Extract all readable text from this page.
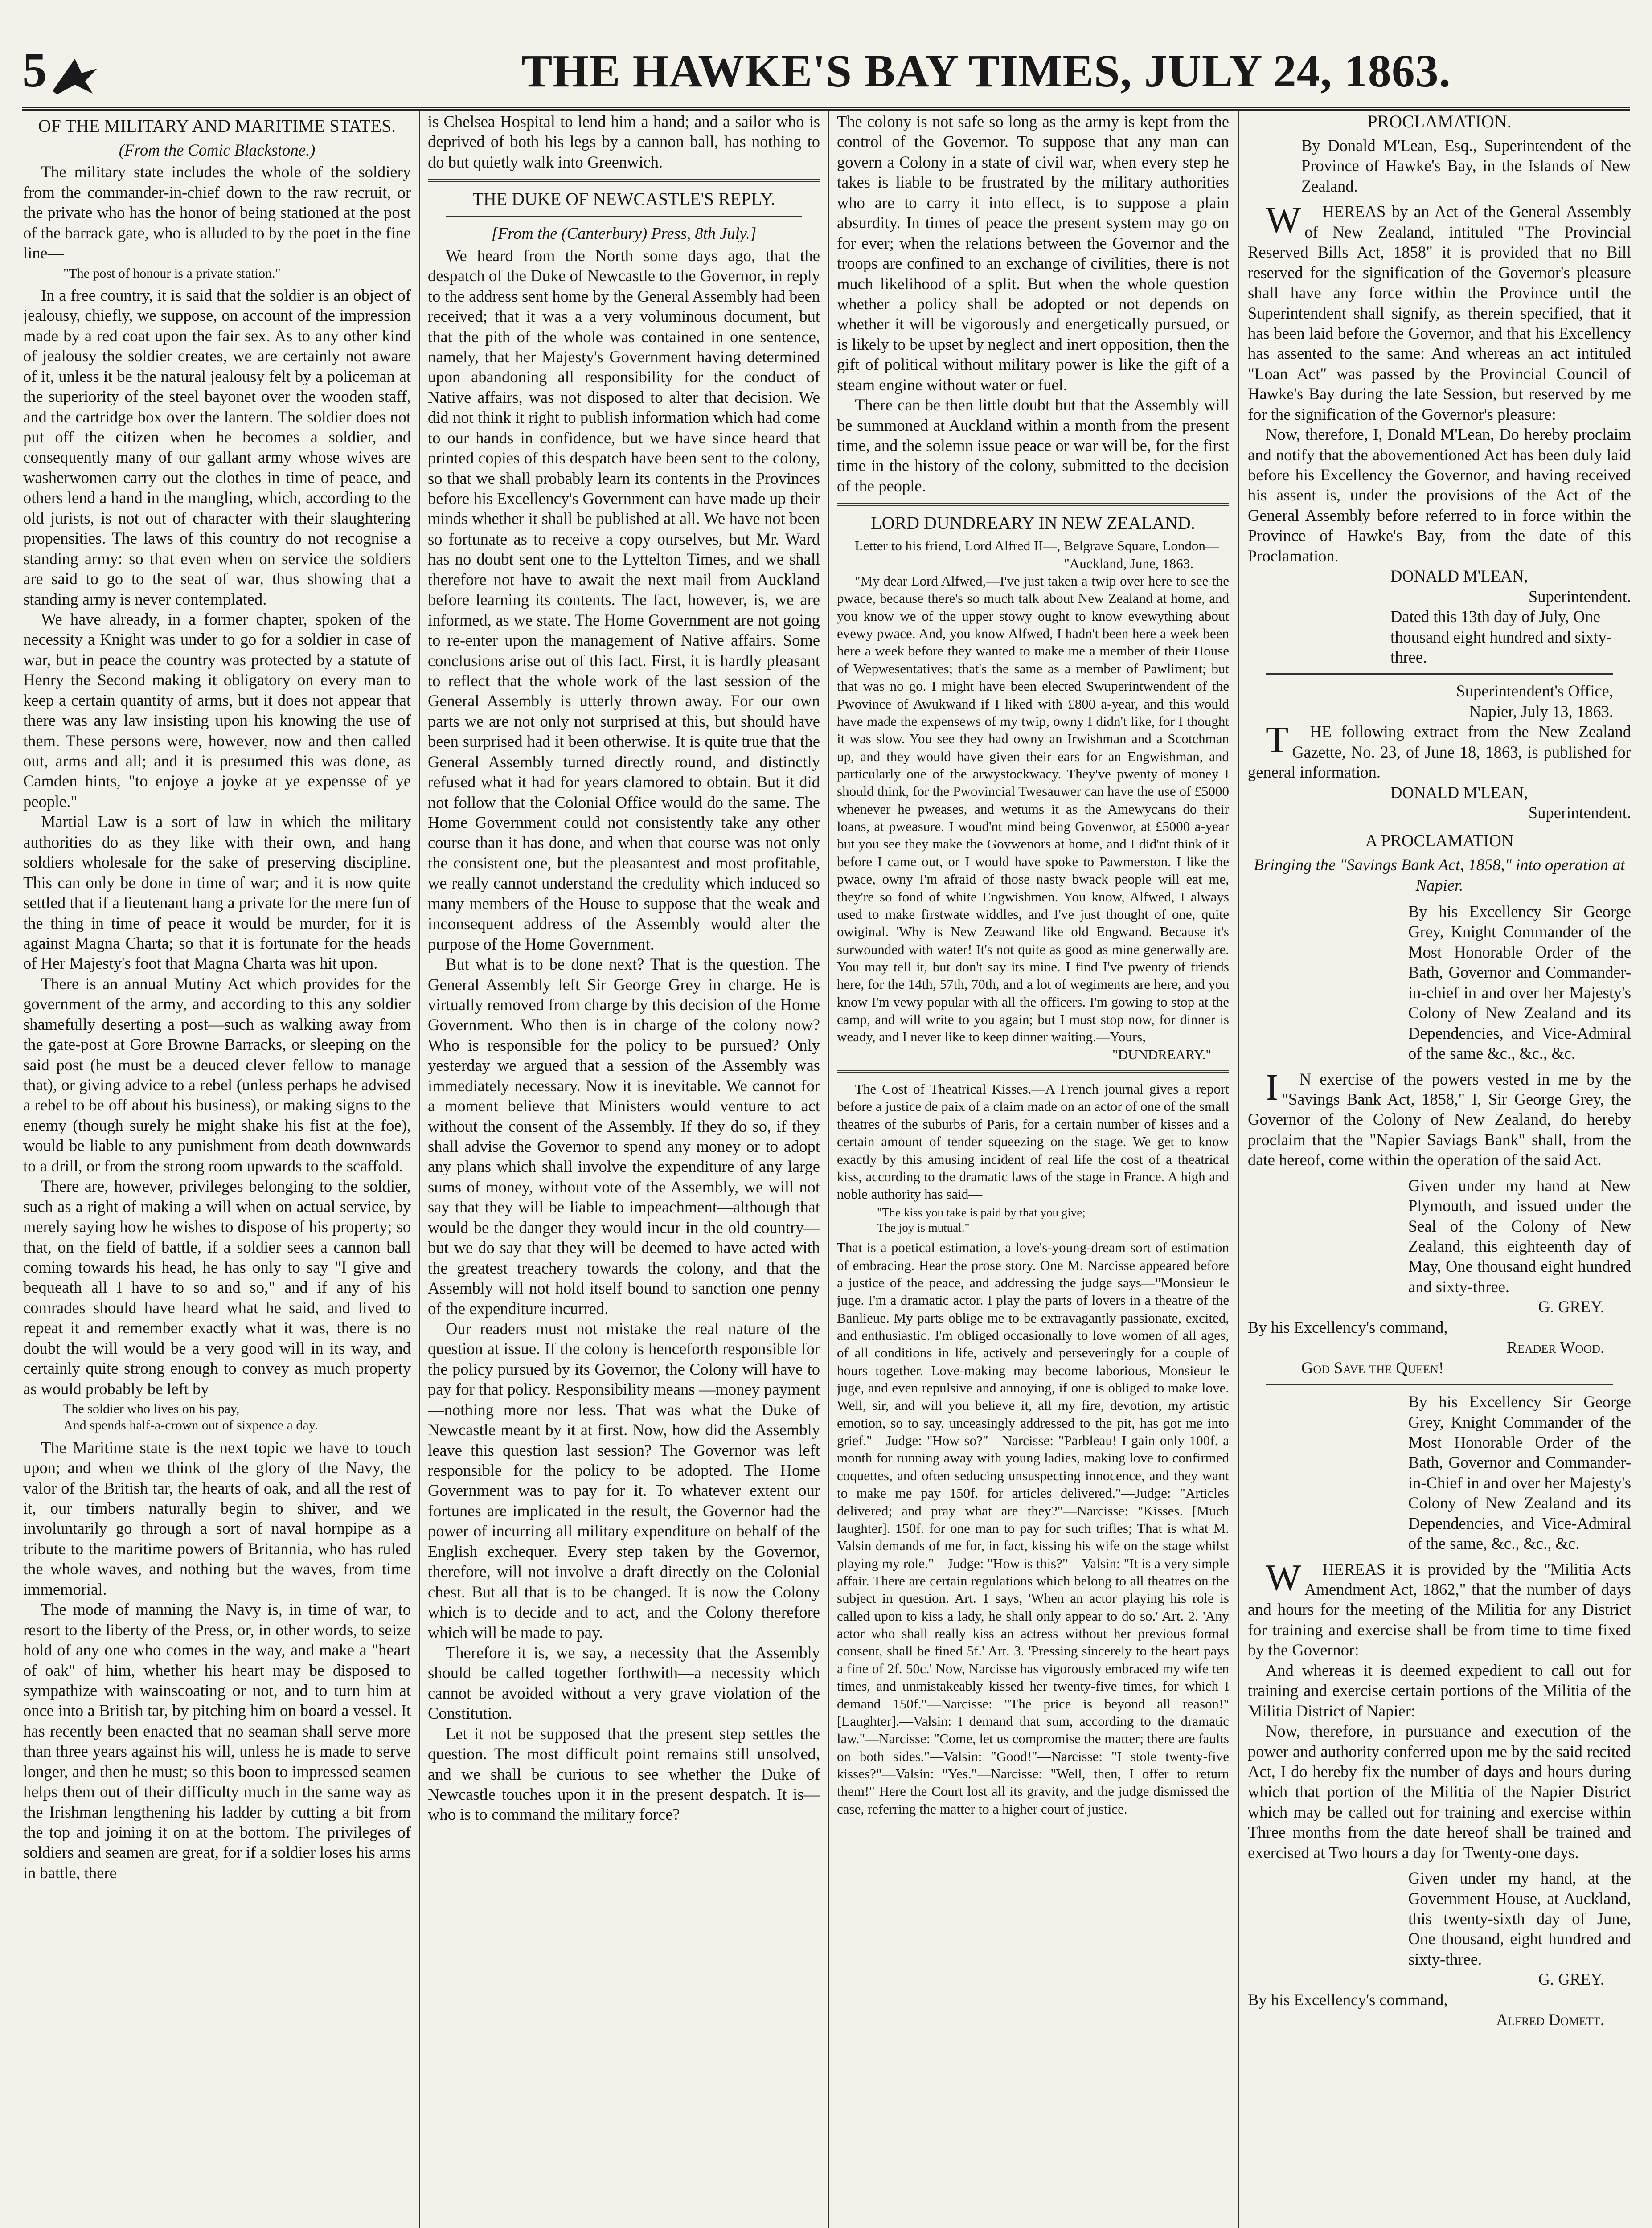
5	THE HAWKE'S BAY TIMES, JULY 24, 1863.
OF THE MILITARY AND MARITIME STATES.
(From the Comic Blackstone.)

The military state includes the whole of the soldiery from the commander-in-chief down to the raw recruit, or the private who has the honor of being stationed at the post of the barrack gate, who is alluded to by the poet in the fine line—

"The post of honour is a private station."

In a free country, it is said that the soldier is an object of jealousy, chiefly, we suppose, on account of the impression made by a red coat upon the fair sex. As to any other kind of jealousy the soldier creates, we are certainly not aware of it, unless it be the natural jealousy felt by a policeman at the superiority of the steel bayonet over the wooden staff, and the cartridge box over the lantern. The soldier does not put off the citizen when he becomes a soldier, and consequently many of our gallant army whose wives are washerwomen carry out the clothes in time of peace, and others lend a hand in the mangling, which, according to the old jurists, is not out of character with their slaughtering propensities. The laws of this country do not recognise a standing army: so that even when on service the soldiers are said to go to the seat of war, thus showing that a standing army is never contemplated.

We have already, in a former chapter, spoken of the necessity a Knight was under to go for a soldier in case of war, but in peace the country was protected by a statute of Henry the Second making it obligatory on every man to keep a certain quantity of arms, but it does not appear that there was any law insisting upon his knowing the use of them. These persons were, however, now and then called out, arms and all; and it is presumed this was done, as Camden hints, "to enjoye a joyke at ye expensse of ye people."

Martial Law is a sort of law in which the military authorities do as they like with their own, and hang soldiers wholesale for the sake of preserving discipline. This can only be done in time of war; and it is now quite settled that if a lieutenant hang a private for the mere fun of the thing in time of peace it would be murder, for it is against Magna Charta; so that it is fortunate for the heads of Her Majesty's foot that Magna Charta was hit upon.

There is an annual Mutiny Act which provides for the government of the army, and according to this any soldier shamefully deserting a post—such as walking away from the gate-post at Gore Browne Barracks, or sleeping on the said post (he must be a deuced clever fellow to manage that), or giving advice to a rebel (unless perhaps he advised a rebel to be off about his business), or making signs to the enemy (though surely he might shake his fist at the foe), would be liable to any punishment from death downwards to a drill, or from the strong room upwards to the scaffold.

There are, however, privileges belonging to the soldier, such as a right of making a will when on actual service, by merely saying how he wishes to dispose of his property; so that, on the field of battle, if a soldier sees a cannon ball coming towards his head, he has only to say "I give and bequeath all I have to so and so," and if any of his comrades should have heard what he said, and lived to repeat it and remember exactly what it was, there is no doubt the will would be a very good will in its way, and certainly quite strong enough to convey as much property as would probably be left by

The soldier who lives on his pay,

And spends half-a-crown out of sixpence a day.

The Maritime state is the next topic we have to touch upon; and when we think of the glory of the Navy, the valor of the British tar, the hearts of oak, and all the rest of it, our timbers naturally begin to shiver, and we involuntarily go through a sort of naval hornpipe as a tribute to the maritime powers of Britannia, who has ruled the whole waves, and nothing but the waves, from time immemorial.

The mode of manning the Navy is, in time of war, to resort to the liberty of the Press, or, in other words, to seize hold of any one who comes in the way, and make a "heart of oak" of him, whether his heart may be disposed to sympathize with wainscoating or not, and to turn him at once into a British tar, by pitching him on board a vessel. It has recently been enacted that no seaman shall serve more than three years against his will, unless he is made to serve longer, and then he must; so this boon to impressed seamen helps them out of their difficulty much in the same way as the Irishman lengthening his ladder by cutting a bit from the top and joining it on at the bottom. The privileges of soldiers and seamen are great, for if a soldier loses his arms in battle, there

is Chelsea Hospital to lend him a hand; and a sailor who is deprived of both his legs by a cannon ball, has nothing to do but quietly walk into Greenwich.

THE DUKE OF NEWCASTLE'S REPLY.
[From the (Canterbury) Press, 8th July.]

We heard from the North some days ago, that the despatch of the Duke of Newcastle to the Governor, in reply to the address sent home by the General Assembly had been received; that it was a a very voluminous document, but that the pith of the whole was contained in one sentence, namely, that her Majesty's Government having determined upon abandoning all responsibility for the conduct of Native affairs, was not disposed to alter that decision. We did not think it right to publish information which had come to our hands in confidence, but we have since heard that printed copies of this despatch have been sent to the colony, so that we shall probably learn its contents in the Provinces before his Excellency's Government can have made up their minds whether it shall be published at all. We have not been so fortunate as to receive a copy ourselves, but Mr. Ward has no doubt sent one to the Lyttelton Times, and we shall therefore not have to await the next mail from Auckland before learning its contents. The fact, however, is, we are informed, as we state. The Home Government are not going to re-enter upon the management of Native affairs. Some conclusions arise out of this fact. First, it is hardly pleasant to reflect that the whole work of the last session of the General Assembly is utterly thrown away. For our own parts we are not only not surprised at this, but should have been surprised had it been otherwise. It is quite true that the General Assembly turned directly round, and distinctly refused what it had for years clamored to obtain. But it did not follow that the Colonial Office would do the same. The Home Government could not consistently take any other course than it has done, and when that course was not only the consistent one, but the pleasantest and most profitable, we really cannot understand the credulity which induced so many members of the House to suppose that the weak and inconsequent address of the Assembly would alter the purpose of the Home Government.

But what is to be done next? That is the question. The General Assembly left Sir George Grey in charge. He is virtually removed from charge by this decision of the Home Government. Who then is in charge of the colony now? Who is responsible for the policy to be pursued? Only yesterday we argued that a session of the Assembly was immediately necessary. Now it is inevitable. We cannot for a moment believe that Ministers would venture to act without the consent of the Assembly. If they do so, if they shall advise the Governor to spend any money or to adopt any plans which shall involve the expenditure of any large sums of money, without vote of the Assembly, we will not say that they will be liable to impeachment—although that would be the danger they would incur in the old country—but we do say that they will be deemed to have acted with the greatest treachery towards the colony, and that the Assembly will not hold itself bound to sanction one penny of the expenditure incurred.

Our readers must not mistake the real nature of the question at issue. If the colony is henceforth responsible for the policy pursued by its Governor, the Colony will have to pay for that policy. Responsibility means —money payment—nothing more nor less. That was what the Duke of Newcastle meant by it at first. Now, how did the Assembly leave this question last session? The Governor was left responsible for the policy to be adopted. The Home Government was to pay for it. To whatever extent our fortunes are implicated in the result, the Governor had the power of incurring all military expenditure on behalf of the English exchequer. Every step taken by the Governor, therefore, will not involve a draft directly on the Colonial chest. But all that is to be changed. It is now the Colony which is to decide and to act, and the Colony therefore which will be made to pay.

Therefore it is, we say, a necessity that the Assembly should be called together forthwith—a necessity which cannot be avoided without a very grave violation of the Constitution.

Let it not be supposed that the present step settles the question. The most difficult point remains still unsolved, and we shall be curious to see whether the Duke of Newcastle touches upon it in the present despatch. It is—who is to command the military force?

The colony is not safe so long as the army is kept from the control of the Governor. To suppose that any man can govern a Colony in a state of civil war, when every step he takes is liable to be frustrated by the military authorities who are to carry it into effect, is to suppose a plain absurdity. In times of peace the present system may go on for ever; when the relations between the Governor and the troops are confined to an exchange of civilities, there is not much likelihood of a split. But when the whole question whether a policy shall be adopted or not depends on whether it will be vigorously and energetically pursued, or is likely to be upset by neglect and inert opposition, then the gift of political without military power is like the gift of a steam engine without water or fuel.

There can be then little doubt but that the Assembly will be summoned at Auckland within a month from the present time, and the solemn issue peace or war will be, for the first time in the history of the colony, submitted to the decision of the people.

LORD DUNDREARY IN NEW ZEALAND.

Letter to his friend, Lord Alfred II—, Belgrave Square, London—

"Auckland, June, 1863.

"My dear Lord Alfwed,—I've just taken a twip over here to see the pwace, because there's so much talk about New Zealand at home, and you know we of the upper stowy ought to know evewything about evewy pwace. And, you know Alfwed, I hadn't been here a week been here a week before they wanted to make me a member of their House of Wepwesentatives; that's the same as a member of Pawliment; but that was no go. I might have been elected Swuperintwendent of the Pwovince of Awukwand if I liked with £800 a-year, and this would have made the expensews of my twip, owny I didn't like, for I thought it was slow. You see they had owny an Irwishman and a Scotchman up, and they would have given their ears for an Engwishman, and particularly one of the arwystockwacy. They've pwenty of money I should think, for the Pwovincial Twesauwer can have the use of £5000 whenever he pweases, and wetums it as the Amewycans do their loans, at pweasure. I woud'nt mind being Govenwor, at £5000 a-year but you see they make the Govwenors at home, and I did'nt think of it before I came out, or I would have spoke to Pawmerston. I like the pwace, owny I'm afraid of those nasty bwack people will eat me, they're so fond of white Engwishmen. You know, Alfwed, I always used to make firstwate widdles, and I've just thought of one, quite owiginal. 'Why is New Zeawand like old Engwand. Because it's surwounded with water! It's not quite as good as mine generwally are. You may tell it, but don't say its mine. I find I've pwenty of friends here, for the 14th, 57th, 70th, and a lot of wegiments are here, and you know I'm vewy popular with all the officers. I'm gowing to stop at the camp, and will write to you again; but I must stop now, for dinner is weady, and I never like to keep dinner waiting.—Yours,

"DUNDREARY."

The Cost of Theatrical Kisses.—A French journal gives a report before a justice de paix of a claim made on an actor of one of the small theatres of the suburbs of Paris, for a certain number of kisses and a certain amount of tender squeezing on the stage. We get to know exactly by this amusing incident of real life the cost of a theatrical kiss, according to the dramatic laws of the stage in France. A high and noble authority has said—

"The kiss you take is paid by that you give;

The joy is mutual."

That is a poetical estimation, a love's-young-dream sort of estimation of embracing. Hear the prose story. One M. Narcisse appeared before a justice of the peace, and addressing the judge says—"Monsieur le juge. I'm a dramatic actor. I play the parts of lovers in a theatre of the Banlieue. My parts oblige me to be extravagantly passionate, excited, and enthusiastic. I'm obliged occasionally to love women of all ages, of all conditions in life, actively and perseveringly for a couple of hours together. Love-making may become laborious, Monsieur le juge, and even repulsive and annoying, if one is obliged to make love. Well, sir, and will you believe it, all my fire, devotion, my artistic emotion, so to say, unceasingly addressed to the pit, has got me into grief."—Judge: "How so?"—Narcisse: "Parbleau! I gain only 100f. a month for running away with young ladies, making love to confirmed coquettes, and often seducing unsuspecting innocence, and they want to make me pay 150f. for articles delivered."—Judge: "Articles delivered; and pray what are they?"—Narcisse: "Kisses. [Much laughter]. 150f. for one man to pay for such trifles; That is what M. Valsin demands of me for, in fact, kissing his wife on the stage whilst playing my role."—Judge: "How is this?"—Valsin: "It is a very simple affair. There are certain regulations which belong to all theatres on the subject in question. Art. 1 says, 'When an actor playing his role is called upon to kiss a lady, he shall only appear to do so.' Art. 2. 'Any actor who shall really kiss an actress without her previous formal consent, shall be fined 5f.' Art. 3. 'Pressing sincerely to the heart pays a fine of 2f. 50c.' Now, Narcisse has vigorously embraced my wife ten times, and unmistakeably kissed her twenty-five times, for which I demand 150f."—Narcisse: "The price is beyond all reason!" [Laughter].—Valsin: I demand that sum, according to the dramatic law."—Narcisse: "Come, let us compromise the matter; there are faults on both sides."—Valsin: "Good!"—Narcisse: "I stole twenty-five kisses?"—Valsin: "Yes."—Narcisse: "Well, then, I offer to return them!" Here the Court lost all its gravity, and the judge dismissed the case, referring the matter to a higher court of justice.

PROCLAMATION.

By Donald M'Lean, Esq., Superintendent of the Province of Hawke's Bay, in the Islands of New Zealand.

WHEREAS by an Act of the General Assembly of New Zealand, intituled "The Provincial Reserved Bills Act, 1858" it is provided that no Bill reserved for the signification of the Governor's pleasure shall have any force within the Province until the Superintendent shall signify, as therein specified, that it has been laid before the Governor, and that his Excellency has assented to the same: And whereas an act intituled "Loan Act" was passed by the Provincial Council of Hawke's Bay during the late Session, but reserved by me for the signification of the Governor's pleasure:

Now, therefore, I, Donald M'Lean, Do hereby proclaim and notify that the abovementioned Act has been duly laid before his Excellency the Governor, and having received his assent is, under the provisions of the Act of the General Assembly before referred to in force within the Province of Hawke's Bay, from the date of this Proclamation.

DONALD M'LEAN,

Superintendent.

Dated this 13th day of July, One thousand eight hundred and sixty-three.

Superintendent's Office,

Napier, July 13, 1863.

THE following extract from the New Zealand Gazette, No. 23, of June 18, 1863, is published for general information.

DONALD M'LEAN,

Superintendent.

A PROCLAMATION

Bringing the "Savings Bank Act, 1858," into operation at Napier.

By his Excellency Sir George Grey, Knight Commander of the Most Honorable Order of the Bath, Governor and Commander-in-chief in and over her Majesty's Colony of New Zealand and its Dependencies, and Vice-Admiral of the same &c., &c., &c.

IN exercise of the powers vested in me by the "Savings Bank Act, 1858," I, Sir George Grey, the Governor of the Colony of New Zealand, do hereby proclaim that the "Napier Saviags Bank" shall, from the date hereof, come within the operation of the said Act.

Given under my hand at New Plymouth, and issued under the Seal of the Colony of New Zealand, this eighteenth day of May, One thousand eight hundred and sixty-three.

G. GREY.

By his Excellency's command,

Reader Wood.

God Save the Queen!

By his Excellency Sir George Grey, Knight Commander of the Most Honorable Order of the Bath, Governor and Commander-in-Chief in and over her Majesty's Colony of New Zealand and its Dependencies, and Vice-Admiral of the same, &c., &c., &c.

WHEREAS it is provided by the "Militia Acts Amendment Act, 1862," that the number of days and hours for the meeting of the Militia for any District for training and exercise shall be from time to time fixed by the Governor:

And whereas it is deemed expedient to call out for training and exercise certain portions of the Militia of the Militia District of Napier:

Now, therefore, in pursuance and execution of the power and authority conferred upon me by the said recited Act, I do hereby fix the number of days and hours during which that portion of the Militia of the Napier District which may be called out for training and exercise within Three months from the date hereof shall be trained and exercised at Two hours a day for Twenty-one days.

Given under my hand, at the Government House, at Auckland, this twenty-sixth day of June, One thousand, eight hundred and sixty-three.

G. GREY.

By his Excellency's command,

Alfred Domett.
